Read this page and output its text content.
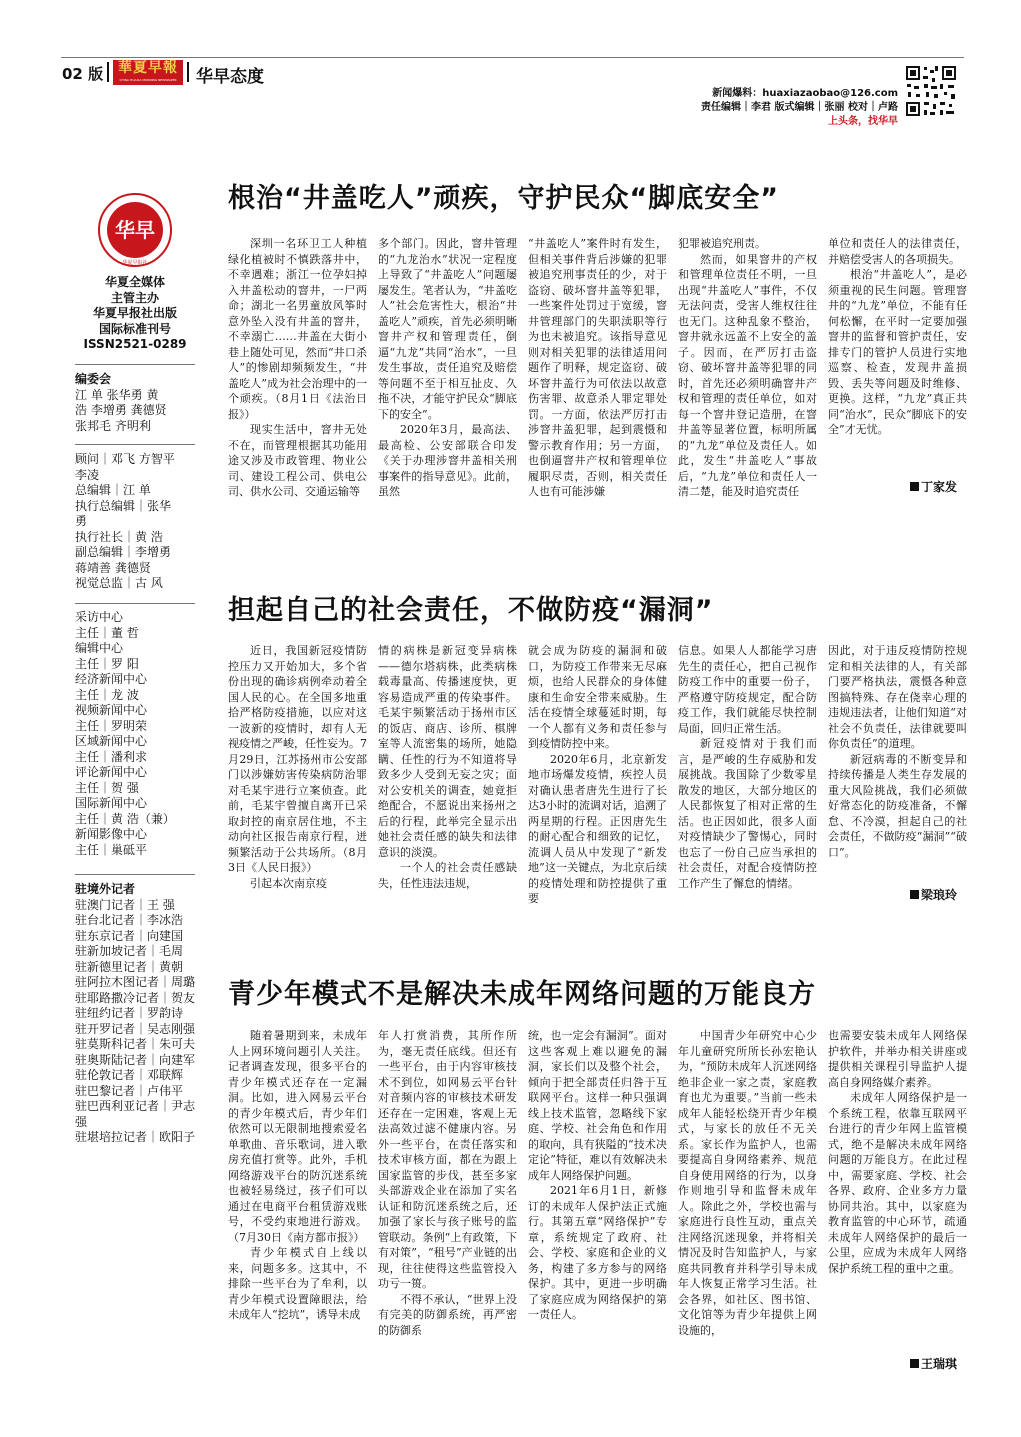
02 版	華夏早報
CHINA HUAXIA MORNING NEWSPAPER	华早态度
新闻爆料：huaxiazaobao@126.com
责任编辑｜李君 版式编辑｜张丽 校对｜卢路
上头条，找华早
华早
华夏早报社
华夏全媒体
主管主办
华夏早报社出版
国际标准刊号
ISSN2521-0289
编委会
江 单 张华勇 黄
浩 李增勇 龚德贤
张邦毛 齐明利
顾问｜邓飞 方智平
李凌
总编辑｜江 单
执行总编辑｜张华
勇
执行社长｜黄 浩
副总编辑｜李增勇
蒋靖善 龚德贤
视觉总监｜古 风
采访中心
主任｜董 哲
编辑中心
主任｜罗 阳
经济新闻中心
主任｜龙 波
视频新闻中心
主任｜罗明荣
区域新闻中心
主任｜潘利求
评论新闻中心
主任｜贺 强
国际新闻中心
主任｜黄 浩（兼）
新闻影像中心
主任｜巢砥平
驻境外记者
驻澳门记者｜王 强
驻台北记者｜李冰浩
驻东京记者｜向建国
驻新加坡记者｜毛周
驻新德里记者｜黄朝
驻阿拉木图记者｜周璐
驻耶路撒冷记者｜贺友
驻纽约记者｜罗韵诗
驻开罗记者｜吴志刚强
驻莫斯科记者｜朱可夫
驻奥斯陆记者｜向建军
驻伦敦记者｜邓联辉
驻巴黎记者｜卢伟平
驻巴西利亚记者｜尹志强
驻堪培拉记者｜欧阳子
根治“井盖吃人”顽疾，守护民众“脚底安全”

深圳一名环卫工人种植绿化植被时不慎跌落井中，不幸遇难；浙江一位孕妇掉入井盖松动的窨井，一尸两命；湖北一名男童放风筝时意外坠入没有井盖的窨井，不幸溺亡……井盖在大街小巷上随处可见，然而“井口杀人”的惨剧却频频发生，“井盖吃人”成为社会治理中的一个顽疾。（8月1日《法治日报》）

现实生活中，窨井无处不在，而管理根据其功能用途又涉及市政管理、物业公司、建设工程公司、供电公司、供水公司、交通运输等

多个部门。因此，窨井管理的“九龙治水”状况一定程度上导致了“井盖吃人”问题屡屡发生。笔者认为，“井盖吃人”社会危害性大，根治“井盖吃人”顽疾，首先必须明晰窨井产权和管理责任，倒逼“九龙”共同“治水”，一旦发生事故，责任追究及赔偿等问题不至于相互扯皮、久拖不决，才能守护民众“脚底下的安全”。

2020年3月，最高法、最高检、公安部联合印发《关于办理涉窨井盖相关刑事案件的指导意见》。此前，虽然

“井盖吃人”案件时有发生，但相关事件背后涉嫌的犯罪被追究刑事责任的少，对于盗窃、破坏窨井盖等犯罪，一些案件处罚过于宽缓，窨井管理部门的失职渎职等行为也未被追究。该指导意见则对相关犯罪的法律适用问题作了明释，规定盗窃、破坏窨井盖行为可依法以故意伤害罪、故意杀人罪定罪处罚。一方面，依法严厉打击涉窨井盖犯罪，起到震慑和警示教育作用；另一方面，也倒逼窨井产权和管理单位履职尽责，否则，相关责任人也有可能涉嫌

犯罪被追究刑责。

然而，如果窨井的产权和管理单位责任不明，一旦出现“井盖吃人”事件，不仅无法问责，受害人维权往往也无门。这种乱象不整治，窨井就永远盖不上安全的盖子。因而，在严厉打击盗窃、破坏窨井盖等犯罪的同时，首先还必须明确窨井产权和管理的责任单位，如对每一个窨井登记造册，在窨井盖等显著位置，标明所属的“九龙”单位及责任人。如此，发生“井盖吃人”事故后，“九龙”单位和责任人一清二楚，能及时追究责任

单位和责任人的法律责任，并赔偿受害人的各项损失。

根治“井盖吃人”，是必须重视的民生问题。管理窨井的“九龙”单位，不能有任何松懈，在平时一定要加强窨井的监督和管护责任，安排专门的管护人员进行实地巡察、检查，发现井盖损毁、丢失等问题及时维修、更换。这样，“九龙”真正共同“治水”，民众“脚底下的安全”才无忧。

丁家发
担起自己的社会责任，不做防疫“漏洞”

近日，我国新冠疫情防控压力又开始加大，多个省份出现的确诊病例牵动着全国人民的心。在全国多地重拾严格防疫措施，以应对这一波新的疫情时，却有人无视疫情之严峻，任性妄为。7月29日，江苏扬州市公安部门以涉嫌妨害传染病防治罪对毛某宇进行立案侦查。此前，毛某宇曾擅自离开已采取封控的南京居住地，不主动向社区报告南京行程，迸频繁活动于公共场所。（8月3日《人民日报》）

引起本次南京疫

情的病株是新冠变异病株——德尔塔病株，此类病株载毒量高、传播速度快，更容易造成严重的传染事件。毛某宇频繁活动于扬州市区的饭店、商店、诊所、棋牌室等人流密集的场所，她隐瞒、任性的行为不知道将导致多少人受到无妄之灾；面对公安机关的调查，她竟拒绝配合，不愿说出来扬州之后的行程，此举完全显示出她社会责任感的缺失和法律意识的淡漠。

一个人的社会责任感缺失，任性违法违规，

就会成为防疫的漏洞和破口，为防疫工作带来无尽麻烦，也给人民群众的身体健康和生命安全带来威胁。生活在疫情全球蔓延时期，每一个人都有义务和责任参与到疫情防控中来。

2020年6月，北京新发地市场爆发疫情，疾控人员对确认患者唐先生进行了长达3小时的流调对话，追溯了两星期的行程。正因唐先生的耐心配合和细致的记忆，流调人员从中发现了“新发地”这一关键点，为北京后续的疫情处理和防控提供了重要

信息。如果人人都能学习唐先生的责任心，把自己视作防疫工作中的重要一份子，严格遵守防疫规定，配合防疫工作，我们就能尽快控制局面，回归正常生活。

新冠疫情对于我们而言，是严峻的生存威胁和发展挑战。我国除了少数零星散发的地区，大部分地区的人民都恢复了相对正常的生活。也正因如此，很多人面对疫情缺少了警惕心，同时也忘了一份自己应当承担的社会责任，对配合疫情防控工作产生了懈怠的情绪。

因此，对于违反疫情防控规定和相关法律的人，有关部门要严格执法，震慑各种意图搞特殊、存在侥幸心理的违规违法者，让他们知道“对社会不负责任，法律就要叫你负责任”的道理。

新冠病毒的不断变异和持续传播是人类生存发展的重大风险挑战，我们必须做好常态化的防疫准备，不懈怠、不冷漠，担起自己的社会责任，不做防疫“漏洞”“破口”。

梁琅玲
青少年模式不是解决未成年网络问题的万能良方

随着暑期到来，未成年人上网环境问题引人关注。记者调查发现，很多平台的青少年模式还存在一定漏洞。比如，进入网易云平台的青少年模式后，青少年们依然可以无限制地搜索爱名单歌曲、音乐歌词，进入歌房充值打赏等。此外，手机网络游戏平台的防沉迷系统也被轻易绕过，孩子们可以通过在电商平台租赁游戏账号，不受约束地进行游戏。（7月30日《南方都市报》）

青少年模式自上线以来，问题多多。这其中，不排除一些平台为了牟利，以青少年模式设置障眼法，给未成年人“挖坑”，诱导未成

年人打赏消费，其所作所为，毫无责任底线。但还有一些平台，由于内容审核技术不到位，如网易云平台针对音频内容的审核技术研发还存在一定困难，客观上无法高效过滤不健康内容。另外一些平台，在责任落实和技术审核方面，都在为跟上国家监管的步伐，甚至多家头部游戏企业在添加了实名认证和防沉迷系统之后，还加强了家长与孩子账号的监管联动。条例“上有政策，下有对策”，“租号”产业链的出现，往往使得这些监管投入功亏一篑。

不得不承认，“世界上没有完美的防御系统，再严密的防御系

统，也一定会有漏洞”。面对这些客观上难以避免的漏洞，家长们以及整个社会，倾向于把全部责任归咎于互联网平台。这样一种只强调线上技术监管，忽略线下家庭、学校、社会角色和作用的取向，具有狭隘的“技术决定论”特征，难以有效解决未成年人网络保护问题。

2021年6月1日，新修订的未成年人保护法正式施行。其第五章“网络保护”专章，系统规定了政府、社会、学校、家庭和企业的义务，构建了多方参与的网络保护。其中，更进一步明确了家庭应成为网络保护的第一责任人。

中国青少年研究中心少年儿童研究所所长孙宏艳认为，“预防未成年人沉迷网络绝非企业一家之责，家庭教育也尤为重要。”当前一些未成年人能轻松绕开青少年模式，与家长的放任不无关系。家长作为监护人，也需要提高自身网络素养、规范自身使用网络的行为，以身作则地引导和监督未成年人。除此之外，学校也需与家庭进行良性互动，重点关注网络沉迷现象，并将相关情况及时告知监护人，与家庭共同教育并科学引导未成年人恢复正常学习生活。社会各界，如社区、图书馆、文化馆等为青少年提供上网设施的，

也需要安装未成年人网络保护软件，并举办相关讲座或提供相关课程引导监护人提高自身网络媒介素养。

未成年人网络保护是一个系统工程，依靠互联网平台进行的青少年网上监管模式，绝不是解决未成年网络问题的万能良方。在此过程中，需要家庭、学校、社会各界、政府、企业多方力量协同共治。其中，以家庭为教育监管的中心环节，疏通未成年人网络保护的最后一公里，应成为未成年人网络保护系统工程的重中之重。

王瑞琪
